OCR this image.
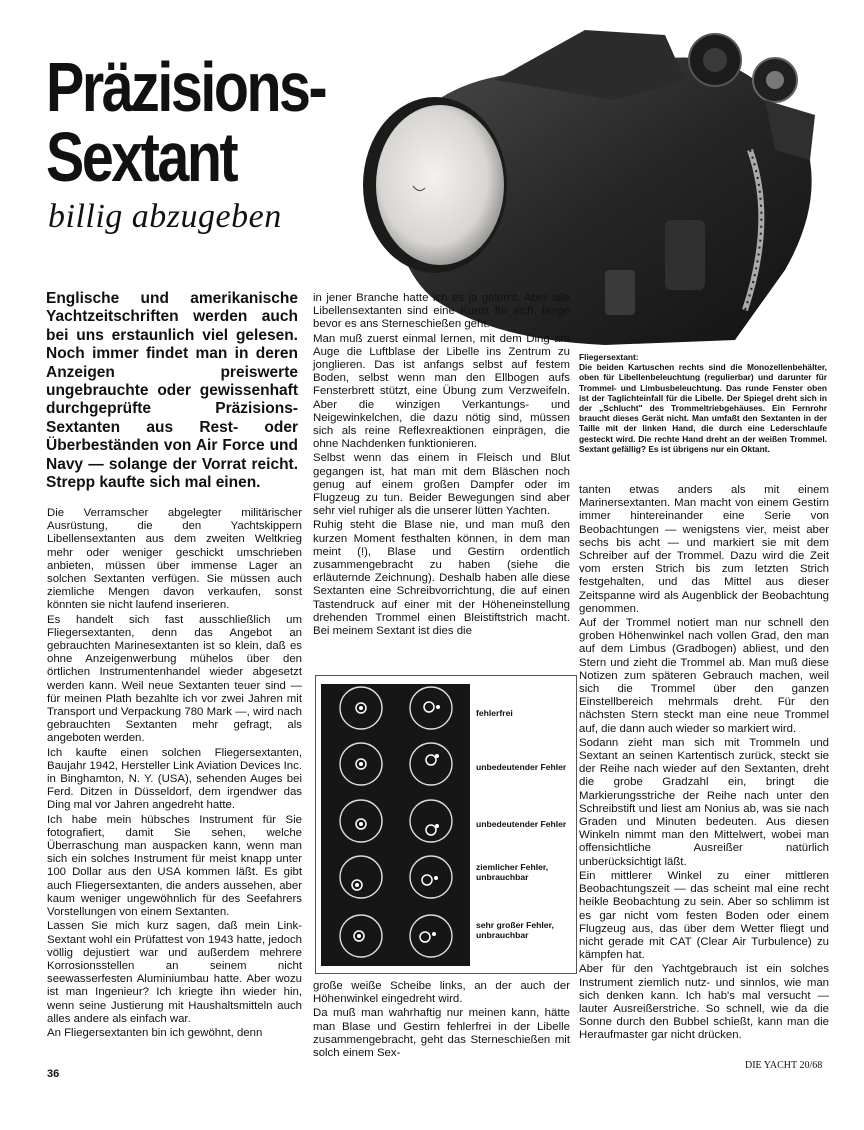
Präzisions-
Sextant
billig abzugeben

Englische und amerikanische Yachtzeitschriften werden auch bei uns erstaunlich viel gelesen. Noch immer findet man in deren Anzeigen preiswerte ungebrauchte oder gewissenhaft durchgeprüfte Präzisions-Sextanten aus Rest- oder Überbeständen von Air Force und Navy — solange der Vorrat reicht. Strepp kaufte sich mal einen.

Fliegersextant:
Die beiden Kartuschen rechts sind die Monozellenbehälter, oben für Libellenbeleuchtung (regulierbar) und darunter für Trommel- und Limbusbeleuchtung. Das runde Fenster oben ist der Taglichteinfall für die Libelle. Der Spiegel dreht sich in der „Schlucht" des Trommeltriebgehäuses. Ein Fernrohr braucht dieses Gerät nicht. Man umfaßt den Sextanten in der Taille mit der linken Hand, die durch eine Lederschlaufe gesteckt wird. Die rechte Hand dreht an der weißen Trommel. Sextant gefällig? Es ist übrigens nur ein Oktant.

Die Verramscher abgelegter militärischer Ausrüstung, die den Yachtskippern Libellensextanten aus dem zweiten Weltkrieg mehr oder weniger geschickt umschrieben anbieten, müssen über immense Lager an solchen Sextanten verfügen. Sie müssen auch ziemliche Mengen davon verkaufen, sonst könnten sie nicht laufend inserieren.

Es handelt sich fast ausschließlich um Fliegersextanten, denn das Angebot an gebrauchten Marinesextanten ist so klein, daß es ohne Anzeigenwerbung mühelos über den örtlichen Instrumentenhandel wieder abgesetzt werden kann. Weil neue Sextanten teuer sind — für meinen Plath bezahlte ich vor zwei Jahren mit Transport und Verpackung 780 Mark —, wird nach gebrauchten Sextanten mehr gefragt, als angeboten werden.

Ich kaufte einen solchen Fliegersextanten, Baujahr 1942, Hersteller Link Aviation Devices Inc. in Binghamton, N. Y. (USA), sehenden Auges bei Ferd. Ditzen in Düsseldorf, dem irgendwer das Ding mal vor Jahren angedreht hatte.

Ich habe mein hübsches Instrument für Sie fotografiert, damit Sie sehen, welche Überraschung man auspacken kann, wenn man sich ein solches Instrument für meist knapp unter 100 Dollar aus den USA kommen läßt. Es gibt auch Fliegersextanten, die anders aussehen, aber kaum weniger ungewöhnlich für des Seefahrers Vorstellungen von einem Sextanten.

Lassen Sie mich kurz sagen, daß mein Link-Sextant wohl ein Prüfattest von 1943 hatte, jedoch völlig dejustiert war und außerdem mehrere Korrosionsstellen an seinem nicht seewasserfesten Aluminiumbau hatte. Aber wozu ist man Ingenieur? Ich kriegte ihn wieder hin, wenn seine Justierung mit Haushaltsmitteln auch alles andere als einfach war.

An Fliegersextanten bin ich gewöhnt, denn

in jener Branche hatte ich es ja gelernt. Aber alle Libellensextanten sind eine Kunst für sich, lange bevor es ans Sterneschießen geht.

Man muß zuerst einmal lernen, mit dem Ding am Auge die Luftblase der Libelle ins Zentrum zu jonglieren. Das ist anfangs selbst auf festem Boden, selbst wenn man den Ellbogen aufs Fensterbrett stützt, eine Übung zum Verzweifeln. Aber die winzigen Verkantungs- und Neigewinkelchen, die dazu nötig sind, müssen sich als reine Reflexreaktionen einprägen, die ohne Nachdenken funktionieren.

Selbst wenn das einem in Fleisch und Blut gegangen ist, hat man mit dem Bläschen noch genug auf einem großen Dampfer oder im Flugzeug zu tun. Beider Bewegungen sind aber sehr viel ruhiger als die unserer lütten Yachten.

Ruhig steht die Blase nie, und man muß den kurzen Moment festhalten können, in dem man meint (!), Blase und Gestirn ordentlich zusammengebracht zu haben (siehe die erläuternde Zeichnung). Deshalb haben alle diese Sextanten eine Schreibvorrichtung, die auf einen Tastendruck auf einer mit der Höheneinstellung drehenden Trommel einen Bleistiftstrich macht. Bei meinem Sextant ist dies die

fehlerfrei
unbedeutender Fehler
unbedeutender Fehler
ziemlicher Fehler, unbrauchbar
sehr großer Fehler, unbrauchbar

große weiße Scheibe links, an der auch der Höhenwinkel eingedreht wird.

Da muß man wahrhaftig nur meinen kann, hätte man Blase und Gestirn fehlerfrei in der Libelle zusammengebracht, geht das Sterneschießen mit solch einem Sex-

tanten etwas anders als mit einem Marinersextanten. Man macht von einem Gestirn immer hintereinander eine Serie von Beobachtungen — wenigstens vier, meist aber sechs bis acht — und markiert sie mit dem Schreiber auf der Trommel. Dazu wird die Zeit vom ersten Strich bis zum letzten Strich festgehalten, und das Mittel aus dieser Zeitspanne wird als Augenblick der Beobachtung genommen.

Auf der Trommel notiert man nur schnell den groben Höhenwinkel nach vollen Grad, den man auf dem Limbus (Gradbogen) abliest, und den Stern und zieht die Trommel ab. Man muß diese Notizen zum späteren Gebrauch machen, weil sich die Trommel über den ganzen Einstellbereich mehrmals dreht. Für den nächsten Stern steckt man eine neue Trommel auf, die dann auch wieder so markiert wird.

Sodann zieht man sich mit Trommeln und Sextant an seinen Kartentisch zurück, steckt sie der Reihe nach wieder auf den Sextanten, dreht die grobe Gradzahl ein, bringt die Markierungsstriche der Reihe nach unter den Schreibstift und liest am Nonius ab, was sie nach Graden und Minuten bedeuten. Aus diesen Winkeln nimmt man den Mittelwert, wobei man offensichtliche Ausreißer natürlich unberücksichtigt läßt.

Ein mittlerer Winkel zu einer mittleren Beobachtungszeit — das scheint mal eine recht heikle Beobachtung zu sein. Aber so schlimm ist es gar nicht vom festen Boden oder einem Flugzeug aus, das über dem Wetter fliegt und nicht gerade mit CAT (Clear Air Turbulence) zu kämpfen hat.

Aber für den Yachtgebrauch ist ein solches Instrument ziemlich nutz- und sinnlos, wie man sich denken kann. Ich hab's mal versucht — lauter Ausreißerstriche. So schnell, wie da die Sonne durch den Bubbel schießt, kann man die Heraufmaster gar nicht drücken.

36
DIE YACHT 20/68
